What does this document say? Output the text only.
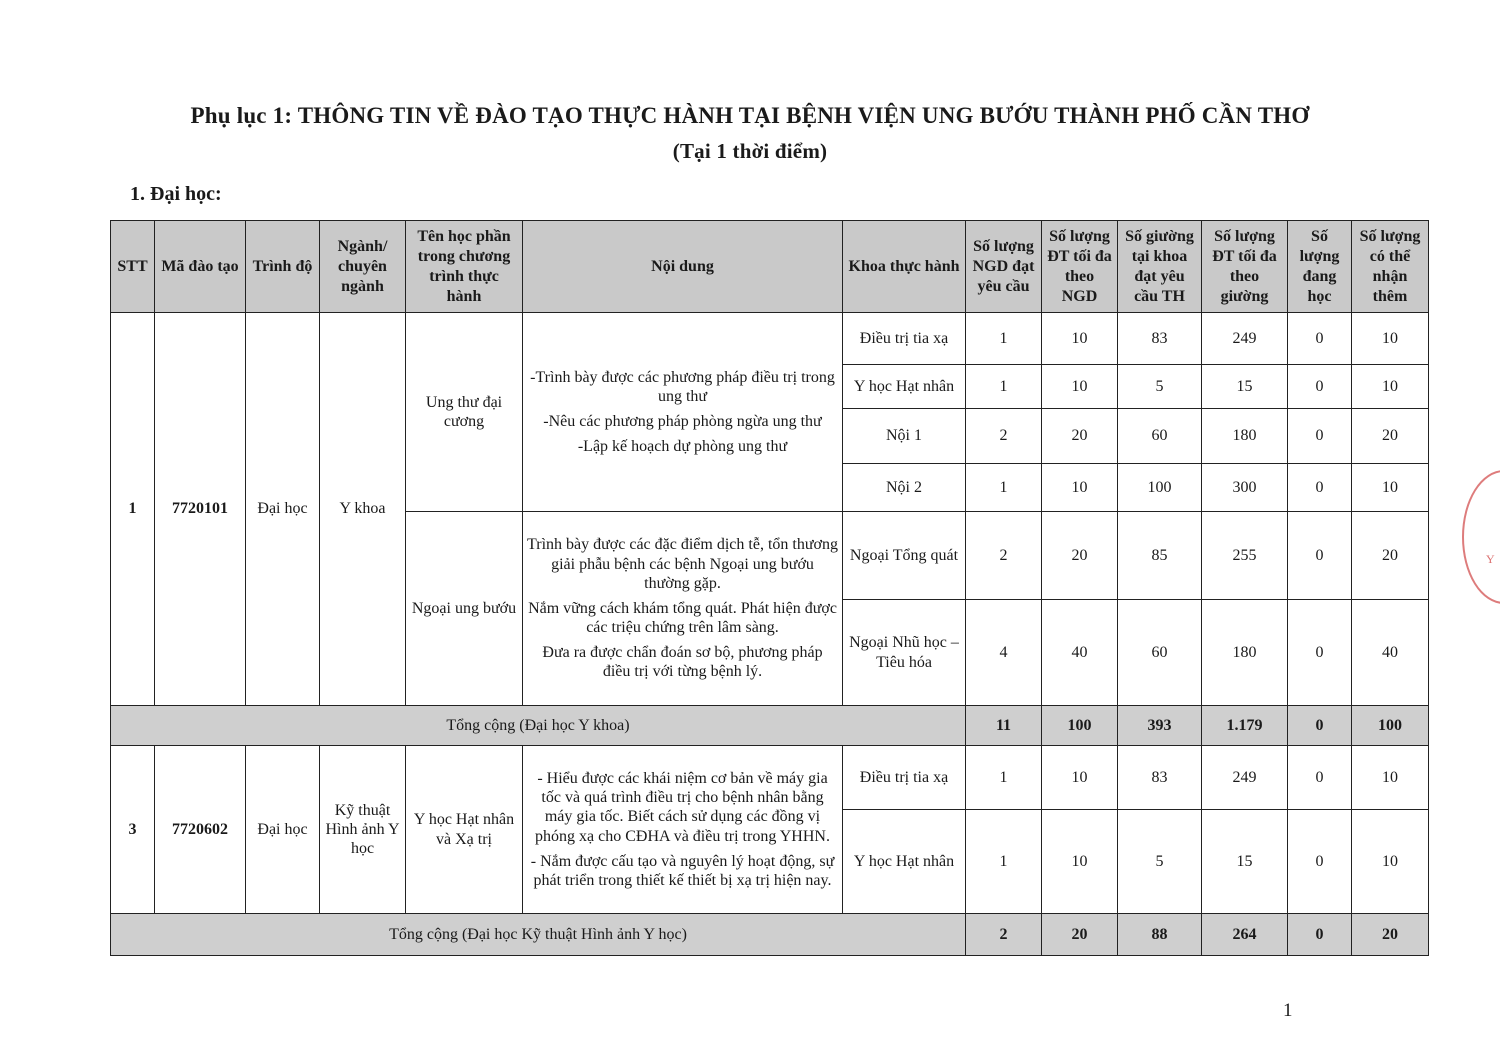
Phụ lục 1: THÔNG TIN VỀ ĐÀO TẠO THỰC HÀNH TẠI BỆNH VIỆN UNG BƯỚU THÀNH PHỐ CẦN THƠ
(Tại 1 thời điểm)
1. Đại học:
STT	Mã đào tạo	Trình độ	Ngành/ chuyên ngành	Tên học phần trong chương trình thực hành	Nội dung	Khoa thực hành	Số lượng NGD đạt yêu cầu	Số lượng ĐT tối đa theo NGD	Số giường tại khoa đạt yêu cầu TH	Số lượng ĐT tối đa theo giường	Số lượng đang học	Số lượng có thể nhận thêm
1	7720101	Đại học	Y khoa	Ung thư đại cương	-Trình bày được các phương pháp điều trị trong ung thư

-Nêu các phương pháp phòng ngừa ung thư

-Lập kế hoạch dự phòng ung thư	Điều trị tia xạ	1	10	83	249	0	10
						Y học Hạt nhân	1	10	5	15	0	10
						Nội 1	2	20	60	180	0	20
						Nội 2	1	10	100	300	0	10
				Ngoại ung bướu	Trình bày được các đặc điểm dịch tễ, tổn thương giải phẫu bệnh các bệnh Ngoại ung bướu thường gặp.

Nắm vững cách khám tổng quát. Phát hiện được các triệu chứng trên lâm sàng.

Đưa ra được chẩn đoán sơ bộ, phương pháp điều trị với từng bệnh lý.	Ngoại Tổng quát	2	20	85	255	0	20
						Ngoại Nhũ học – Tiêu hóa	4	40	60	180	0	40
Tổng cộng (Đại học Y khoa)							11	100	393	1.179	0	100
3	7720602	Đại học	Kỹ thuật Hình ảnh Y học	Y học Hạt nhân và Xạ trị	- Hiểu được các khái niệm cơ bản về máy gia tốc và quá trình điều trị cho bệnh nhân bằng máy gia tốc. Biết cách sử dụng các đồng vị phóng xạ cho CĐHA và điều trị trong YHHN.

- Nắm được cấu tạo và nguyên lý hoạt động, sự phát triển trong thiết kế thiết bị xạ trị hiện nay.	Điều trị tia xạ	1	10	83	249	0	10
						Y học Hạt nhân	1	10	5	15	0	10
Tổng cộng (Đại học Kỹ thuật Hình ảnh Y học)							2	20	88	264	0	20
Y
1
